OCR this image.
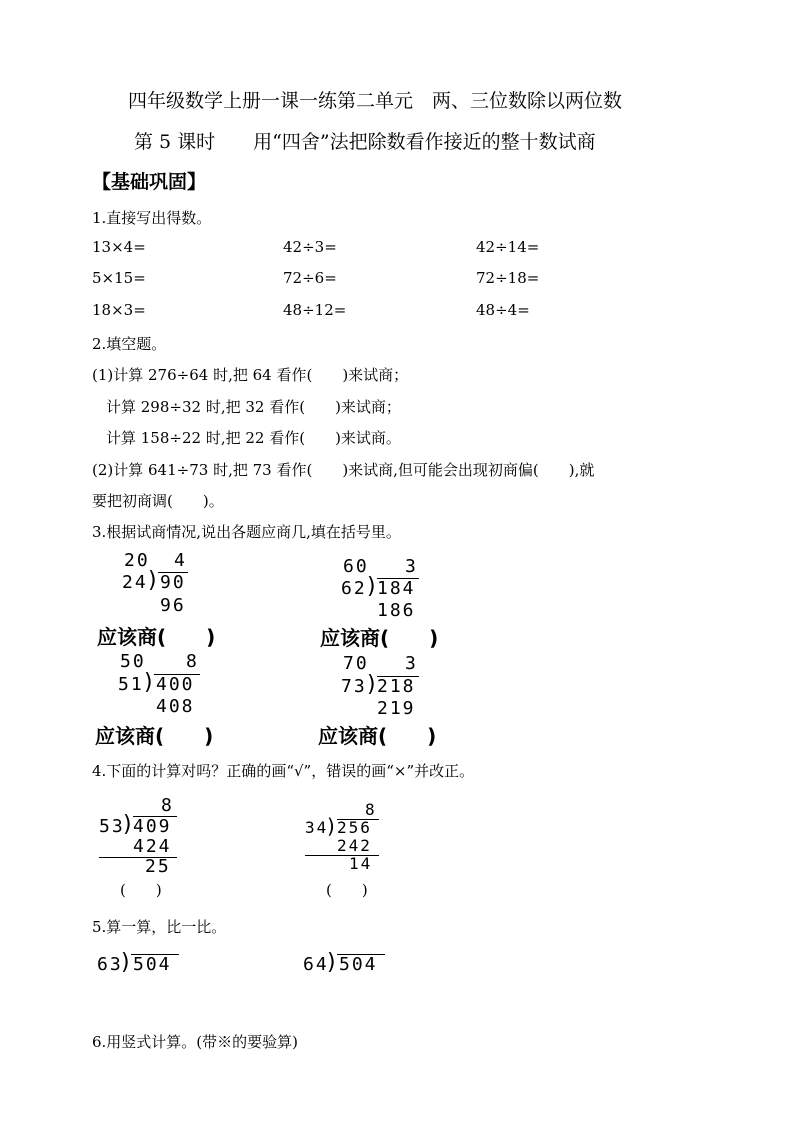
四年级数学上册一课一练第二单元　两、三位数除以两位数
第 5 课时　　用“四舍”法把除数看作接近的整十数试商
【基础巩固】
1.直接写出得数。
13×4=	42÷3=	42÷14=
5×15=	72÷6=	72÷18=
18×3=	48÷12=	48÷4=
2.填空题。
(1)计算 276÷64 时,把 64 看作(　　)来试商；
计算 298÷32 时,把 32 看作(　　)来试商；
计算 158÷22 时,把 22 看作(　　)来试商。
(2)计算 641÷73 时,把 73 看作(　　)来试商,但可能会出现初商偏(　　),就
要把初商调(　　)。
3.根据试商情况,说出各题应商几,填在括号里。
20 4
24 ) 90
96
应该商(　　)
60 3
62 ) 184
186
应该商(　　)
50 8
51 ) 400
408
应该商(　　)
70 3
73 ) 218
219
应该商(　　)
4.下面的计算对吗？正确的画“√”，错误的画“×”并改正。
8
53
) 409
424
25
(　　)
8
34
) 256
242
14
(　　)
5.算一算，比一比。
63
) 504	64
) 504
6.用竖式计算。(带※的要验算)
